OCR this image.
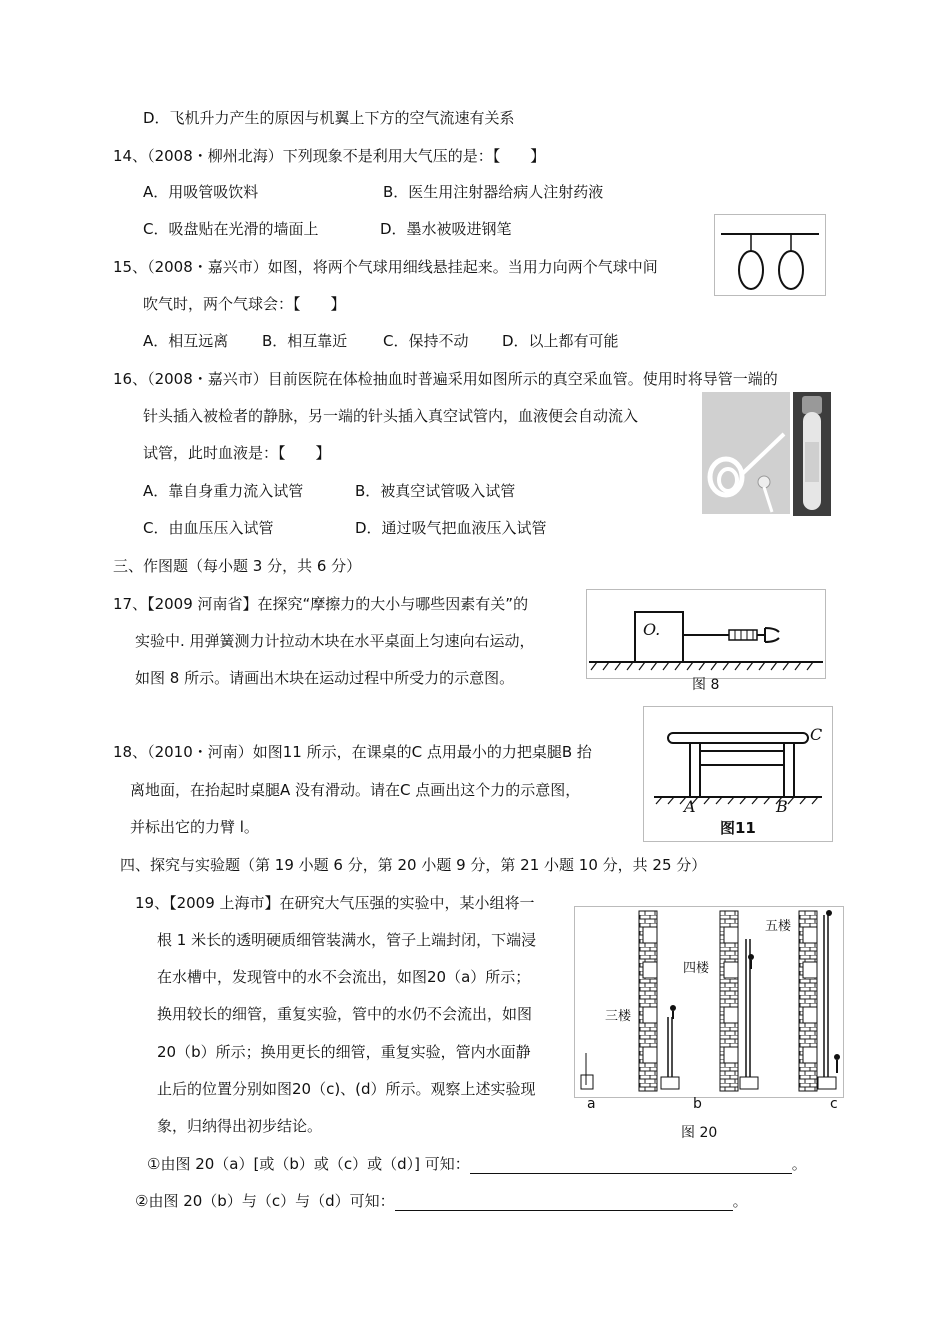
D．飞机升力产生的原因与机翼上下方的空气流速有关系
14、（2008・柳州北海）下列现象不是利用大气压的是：【　　】
A．用吸管吸饮料	B．医生用注射器给病人注射药液
C．吸盘贴在光滑的墙面上	D．墨水被吸进钢笔
15、（2008・嘉兴市）如图，将两个气球用细线悬挂起来。当用力向两个气球中间
吹气时，两个气球会：【　　】
A．相互远离 B．相互靠近 C．保持不动 D．以上都有可能
16、（2008・嘉兴市）目前医院在体检抽血时普遍采用如图所示的真空采血管。使用时将导管一端的
针头插入被检者的静脉，另一端的针头插入真空试管内，血液便会自动流入
试管，此时血液是：【　　】
A．靠自身重力流入试管	B．被真空试管吸入试管
C．由血压压入试管	D．通过吸气把血液压入试管
三、作图题（每小题 3 分，共 6 分）
17、【2009 河南省】在探究“摩擦力的大小与哪些因素有关”的
实验中. 用弹簧测力计拉动木块在水平桌面上匀速向右运动，
如图 8 所示。请画出木块在运动过程中所受力的示意图。
O.
图 8
18、（2010・河南）如图11 所示，在课桌的C 点用最小的力把桌腿B 抬
离地面，在抬起时桌腿A 没有滑动。请在C 点画出这个力的示意图，
并标出它的力臂 l。
A	B
C
图11
四、探究与实验题（第 19 小题 6 分，第 20 小题 9 分，第 21 小题 10 分，共 25 分）
19、【2009 上海市】在研究大气压强的实验中，某小组将一
根 1 米长的透明硬质细管装满水，管子上端封闭，下端浸
在水槽中，发现管中的水不会流出，如图20（a）所示；
换用较长的细管，重复实验，管中的水仍不会流出，如图
20（b）所示；换用更长的细管，重复实验，管内水面静
止后的位置分别如图20（c)、(d）所示。观察上述实验现
象，归纳得出初步结论。
三楼
四楼
五楼
a	b	c
图 20
①由图 20（a）[或（b）或（c）或（d）] 可知：	。
②由图 20（b）与（c）与（d）可知：	。
